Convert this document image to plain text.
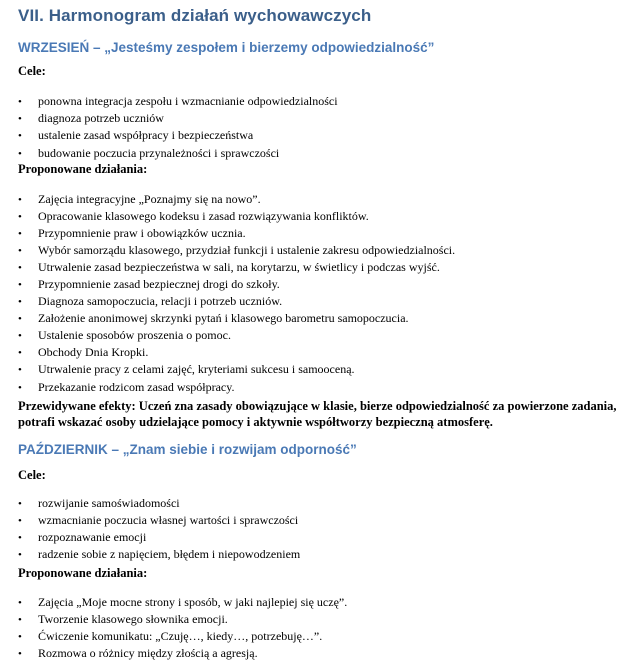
VII. Harmonogram działań wychowawczych
WRZESIEŃ – „Jesteśmy zespołem i bierzemy odpowiedzialność”
Cele:
• ponowna integracja zespołu i wzmacnianie odpowiedzialności
• diagnoza potrzeb uczniów
• ustalenie zasad współpracy i bezpieczeństwa
• budowanie poczucia przynależności i sprawczości
Proponowane działania:
• Zajęcia integracyjne „Poznajmy się na nowo”.
• Opracowanie klasowego kodeksu i zasad rozwiązywania konfliktów.
• Przypomnienie praw i obowiązków ucznia.
• Wybór samorządu klasowego, przydział funkcji i ustalenie zakresu odpowiedzialności.
• Utrwalenie zasad bezpieczeństwa w sali, na korytarzu, w świetlicy i podczas wyjść.
• Przypomnienie zasad bezpiecznej drogi do szkoły.
• Diagnoza samopoczucia, relacji i potrzeb uczniów.
• Założenie anonimowej skrzynki pytań i klasowego barometru samopoczucia.
• Ustalenie sposobów proszenia o pomoc.
• Obchody Dnia Kropki.
• Utrwalenie pracy z celami zajęć, kryteriami sukcesu i samooceną.
• Przekazanie rodzicom zasad współpracy.
Przewidywane efekty: Uczeń zna zasady obowiązujące w klasie, bierze odpowiedzialność za powierzone zadania, potrafi wskazać osoby udzielające pomocy i aktywnie współtworzy bezpieczną atmosferę.
PAŹDZIERNIK – „Znam siebie i rozwijam odporność”
Cele:
• rozwijanie samoświadomości
• wzmacnianie poczucia własnej wartości i sprawczości
• rozpoznawanie emocji
• radzenie sobie z napięciem, błędem i niepowodzeniem
Proponowane działania:
• Zajęcia „Moje mocne strony i sposób, w jaki najlepiej się uczę”.
• Tworzenie klasowego słownika emocji.
• Ćwiczenie komunikatu: „Czuję…, kiedy…, potrzebuję…”.
• Rozmowa o różnicy między złością a agresją.
